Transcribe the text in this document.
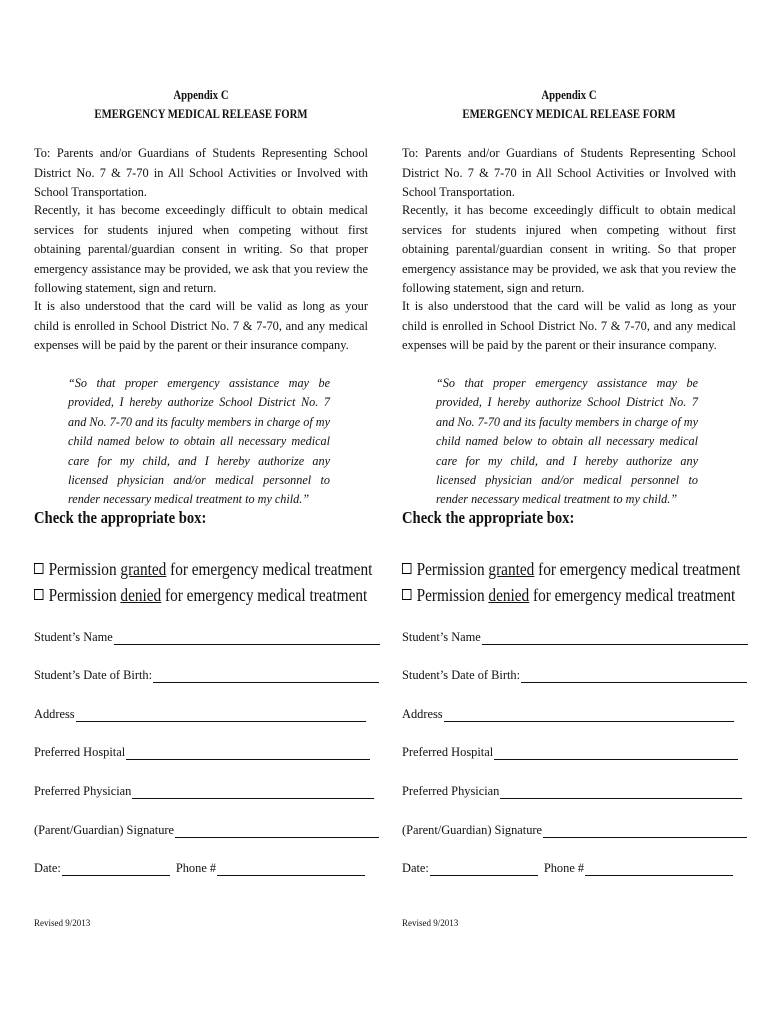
Appendix C
EMERGENCY MEDICAL RELEASE FORM
To: Parents and/or Guardians of Students Representing School District No. 7 & 7-70 in All School Activities or Involved with School Transportation.
Recently, it has become exceedingly difficult to obtain medical services for students injured when competing without first obtaining parental/guardian consent in writing. So that proper emergency assistance may be provided, we ask that you review the following statement, sign and return.
It is also understood that the card will be valid as long as your child is enrolled in School District No. 7 & 7-70, and any medical expenses will be paid by the parent or their insurance company.
“So that proper emergency assistance may be provided, I hereby authorize School District No. 7 and No. 7-70 and its faculty members in charge of my child named below to obtain all necessary medical care for my child, and I hereby authorize any licensed physician and/or medical personnel to render necessary medical treatment to my child.”
Check the appropriate box:
Permission granted for emergency medical treatment
Permission denied for emergency medical treatment
Student’s Name
Student’s Date of Birth:
Address
Preferred Hospital
Preferred Physician
(Parent/Guardian) Signature
Date:	Phone #
Revised 9/2013
Appendix C
EMERGENCY MEDICAL RELEASE FORM
To: Parents and/or Guardians of Students Representing School District No. 7 & 7-70 in All School Activities or Involved with School Transportation.
Recently, it has become exceedingly difficult to obtain medical services for students injured when competing without first obtaining parental/guardian consent in writing. So that proper emergency assistance may be provided, we ask that you review the following statement, sign and return.
It is also understood that the card will be valid as long as your child is enrolled in School District No. 7 & 7-70, and any medical expenses will be paid by the parent or their insurance company.
“So that proper emergency assistance may be provided, I hereby authorize School District No. 7 and No. 7-70 and its faculty members in charge of my child named below to obtain all necessary medical care for my child, and I hereby authorize any licensed physician and/or medical personnel to render necessary medical treatment to my child.”
Check the appropriate box:
Permission granted for emergency medical treatment
Permission denied for emergency medical treatment
Student’s Name
Student’s Date of Birth:
Address
Preferred Hospital
Preferred Physician
(Parent/Guardian) Signature
Date:	Phone #
Revised 9/2013
